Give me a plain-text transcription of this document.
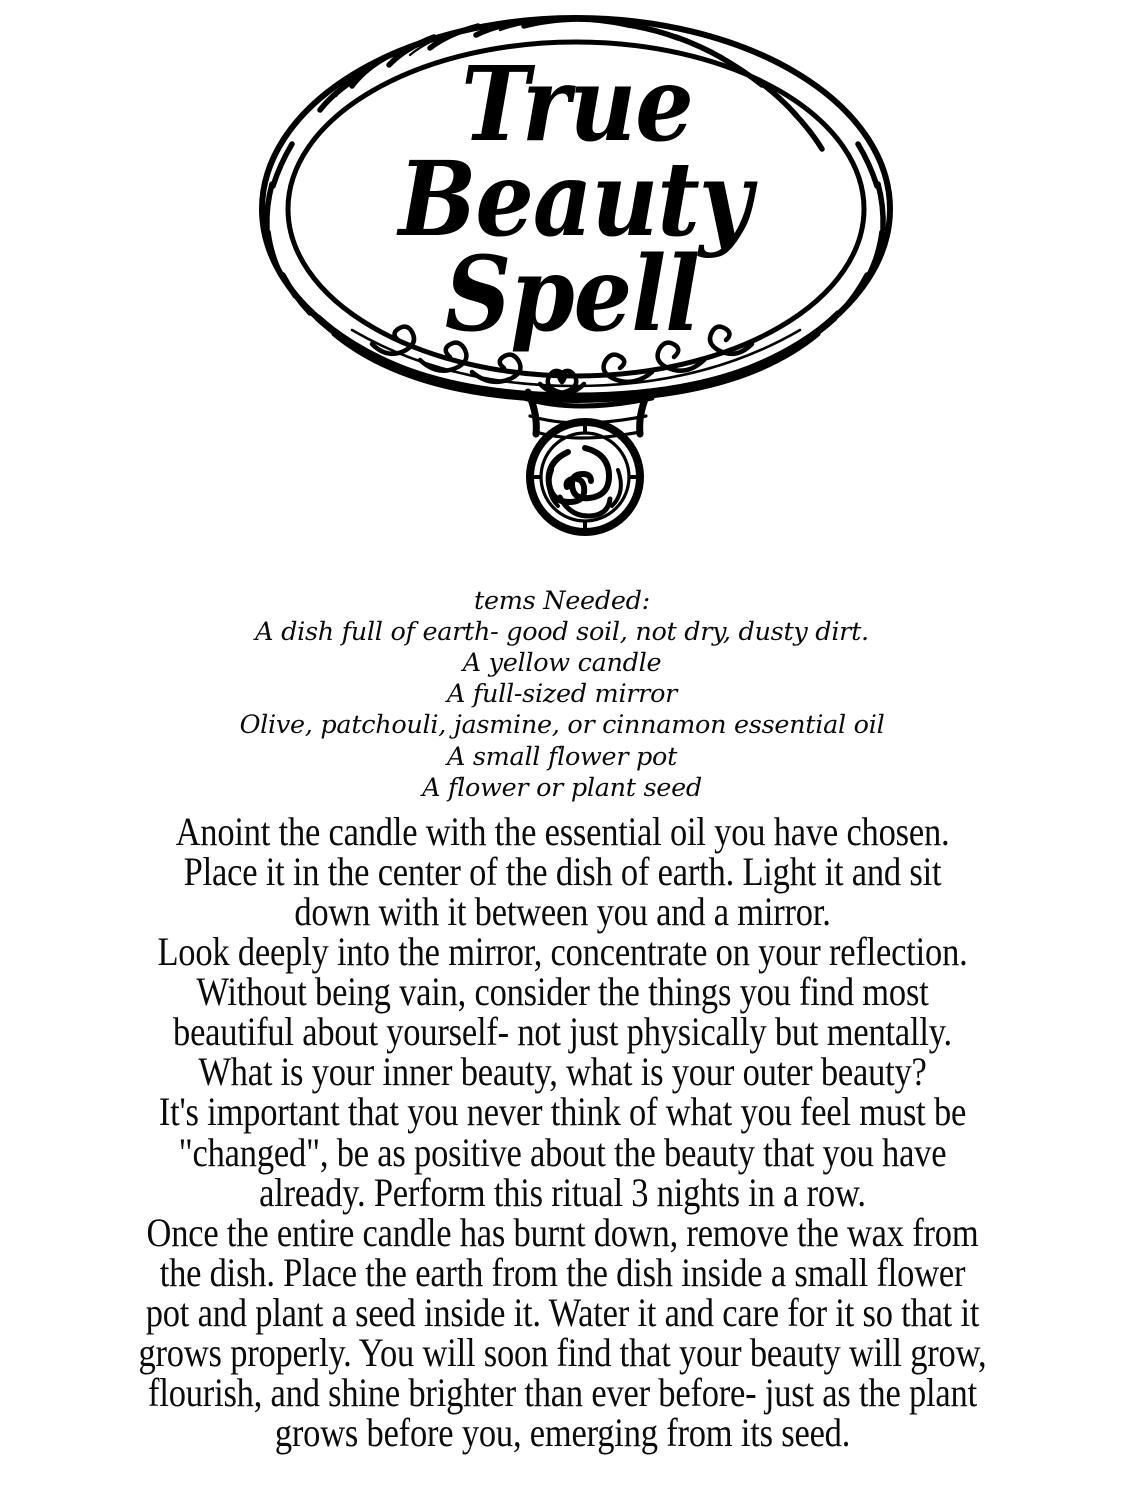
True
Beauty
Spell
tems Needed:
A dish full of earth- good soil, not dry, dusty dirt.
A yellow candle
A full-sized mirror
Olive, patchouli, jasmine, or cinnamon essential oil
A small flower pot
A flower or plant seed
Anoint the candle with the essential oil you have chosen.
Place it in the center of the dish of earth. Light it and sit
down with it between you and a mirror.
Look deeply into the mirror, concentrate on your reflection.
Without being vain, consider the things you find most
beautiful about yourself- not just physically but mentally.
What is your inner beauty, what is your outer beauty?
It's important that you never think of what you feel must be
"changed", be as positive about the beauty that you have
already. Perform this ritual 3 nights in a row.
Once the entire candle has burnt down, remove the wax from
the dish. Place the earth from the dish inside a small flower
pot and plant a seed inside it. Water it and care for it so that it
grows properly. You will soon find that your beauty will grow,
flourish, and shine brighter than ever before- just as the plant
grows before you, emerging from its seed.
